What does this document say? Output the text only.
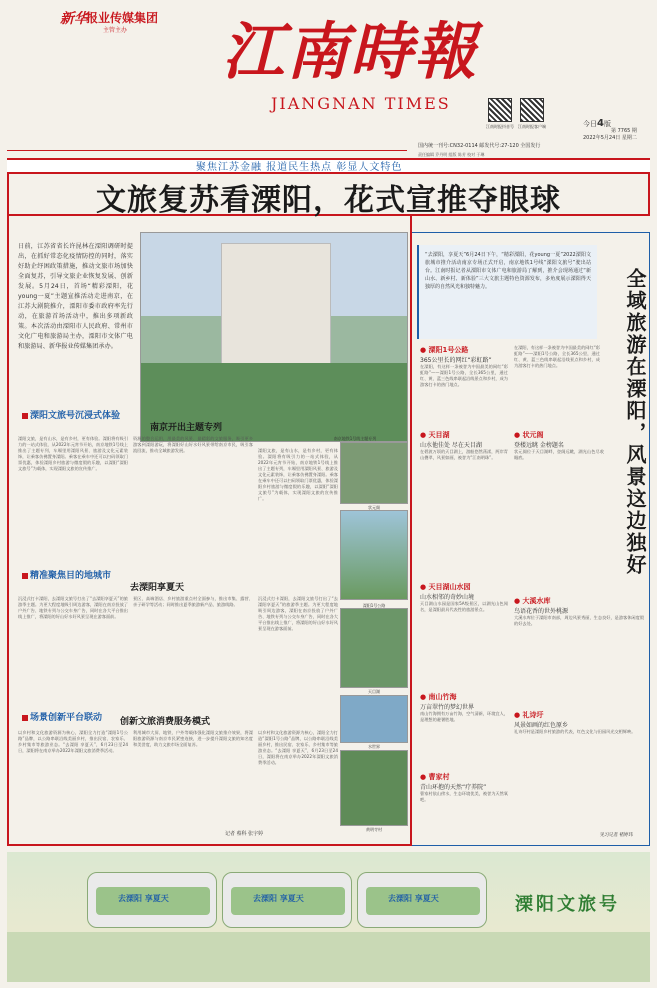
新华
报业传媒集团
主管主办 江南時報
JIANGNAN TIMES
江南时报抖音号 江南时报客户端	今日4版
第 7765 期
2022年5月24日 星期二
国内统一刊号:CN32-0114 邮发代号:27-120 全国发行
责任编辑 乔丹明 组版 陈芳 校对 于琳
聚焦江苏金融 报道民生热点 彰显人文特色
文旅复苏看溧阳，花式宣推夺眼球

日前，江苏省省长许昆林在溧阳调研时提出，在抓好常态化疫情防控的同时，落实好助企纾困政策措施，推动文旅市场加快全面复苏，引导文旅企业恢复发展、创新发展。5月24日，首场“精彩溧阳，花young一夏”主题宣推活动走进南京，在江苏大剧院推介，溧阳市委市政府率先行动，在旅游首场活动中，推出多项新政策。本次活动由溧阳市人民政府、常州市文化广电和旅游局主办，溧阳市文体广电和旅游局、新华报业传媒集团承办。

南京地铁1号线主题专列
溧阳文旅号沉浸式体验
南京开出主题专列

溧阳文旅，是有山水，是有乡村，更有体验。溧阳将有吸引力的一站式体验，从2022年元宵节开始，南京地铁1号线上推出了主题专列，车厢里用溧阳风景、旅游及文化元素装饰，让乘客仿佛置身溧阳。乘客在乘车中还可以扫码领取门票优惠，体验溧阳乡村旅游与微度假的乐趣，以溧阳“溧阳文旅号”为载体，实现溧阳文旅的宣传推广。

资源的整合运用，用最美的风景、最精彩的文旅服务，吸引更多游客到溧阳游玩，将溧阳好山好水好风景带给南京市民，吸引客流回流，推动全域旅游发展。	溧阳文旅，是有山水，是有乡村，更有体验。溧阳将有吸引力的一站式体验，从2022年元宵节开始，南京地铁1号线上推出了主题专列，车厢里用溧阳风景、旅游及文化元素装饰，让乘客仿佛置身溧阳。乘客在乘车中还可以扫码领取门票优惠，体验溧阳乡村旅游与微度假的乐趣，以溧阳“溧阳文旅号”为载体，实现溧阳文旅的宣传推广。

状元阁
溧阳1号公路
精准聚焦目的地城市
去溧阳享夏天

沉浸式打卡溧阳，去溧阳文旅号打出了“去溧阳享夏天”的旅游季主题。为更大程度地吸引周边游客，溧阳在南京投放了户外广告、地铁专列与公交车身广告，同时在各大平台推出线上推广，将溧阳的好山好水好风景呈现在游客面前。

景区、高端酒店、乡村旅游重点村全面参与，推出市集、露营、亲子研学等活动；同时推出夏季旅游新产品、旅游线路。

沉浸式打卡溧阳，去溧阳文旅号打出了“去溧阳享夏天”的旅游季主题。为更大程度地吸引周边游客，溧阳在南京投放了户外广告、地铁专列与公交车身广告，同时在各大平台推出线上推广，将溧阳的好山好水好风景呈现在游客面前。

天目湖
水世界
黄明寺村
场景创新平台联动 创新文旅消费服务模式

以乡村和文化旅游资源为核心，溧阳全力打造“溧阳1号公路”品牌，以公路串联沿线美丽乡村，推出民宿、农家乐、乡村集市等旅游业态。“去溧阳 享夏天”，6月23日至24日，溧阳将在南京举办2022年溧阳文旅消费季活动。

利用城市大屏、地铁、户外等载体强化溧阳文旅推介效果，将溧阳旅游资源与南京市民紧密连接，进一步提升溧阳文旅的知名度和美誉度，助力文旅市场全面复苏。

以乡村和文化旅游资源为核心，溧阳全力打造“溧阳1号公路”品牌，以公路串联沿线美丽乡村，推出民宿、农家乐、乡村集市等旅游业态。“去溧阳 享夏天”，6月23日至24日，溧阳将在南京举办2022年溧阳文旅消费季活动。

记者 蔡科 张宇婷

“去溧阳，享夏天”6月24日下午，“精彩溧阳，花young一夏”2022溧阳文旅城市推介活动南京专场正式开启，南京地铁1号线“溧阳文旅号”驶出站台。江南时报记者从溧阳市文体广电和旅游局了解到，推介会现场通过“新山水、新乡村、新体验”三大文旅主题特色资源发布，多角度展示溧阳得天独厚的自然风光和独特魅力。	全域旅游在溧阳，风景这边独好
● 溧阳1号公路
365公里长的网红“彩虹路”

在溧阳，有这样一条被誉为中国最美的网红“彩虹路”——溧阳1号公路，全长365公里，通过红、黄、蓝三色线串联起沿线景点和乡村，成为游客打卡的热门地点。

● 天目湖
山水他佳处 尽在天目湖

在碧波万顷的天目湖上，游船悠然荡漾，两岸青山叠翠，风景如画，被誉为“江南明珠”。

● 天目湖山水园
山水相邻的奇妙山境

天目湖山水园是国家5A级景区，以湖光山色闻名，是溧阳最具代表性的旅游景点。

● 南山竹海
万亩翠竹的梦幻世界

南山竹海拥有万亩竹海，空气清新，环境宜人，是理想的避暑胜地。

● 曹家村
青山环抱的天然“疗养院”

曹家村依山傍水，生态环境优美，被誉为天然氧吧。

在溧阳，有这样一条被誉为中国最美的网红“彩虹路”——溧阳1号公路，全长365公里，通过红、黄、蓝三色线串联起沿线景点和乡村，成为游客打卡的热门地点。

● 状元阁
登楼远眺 金榜题名

状元阁位于天目湖畔，登阁远眺，湖光山色尽收眼底。

● 大溪水库
鸟语花香的世外桃源

大溪水库位于溧阳市南部，周边风景秀丽，生态良好，是游客休闲度假的好去处。

● 礼诗圩
风景如画的红色原乡

礼诗圩村是溧阳乡村旅游的代表，红色文化与田园风光交相辉映。

见习记者 褚婷玮
去溧阳 享夏天	去溧阳 享夏天	去溧阳 享夏天	溧阳文旅号
